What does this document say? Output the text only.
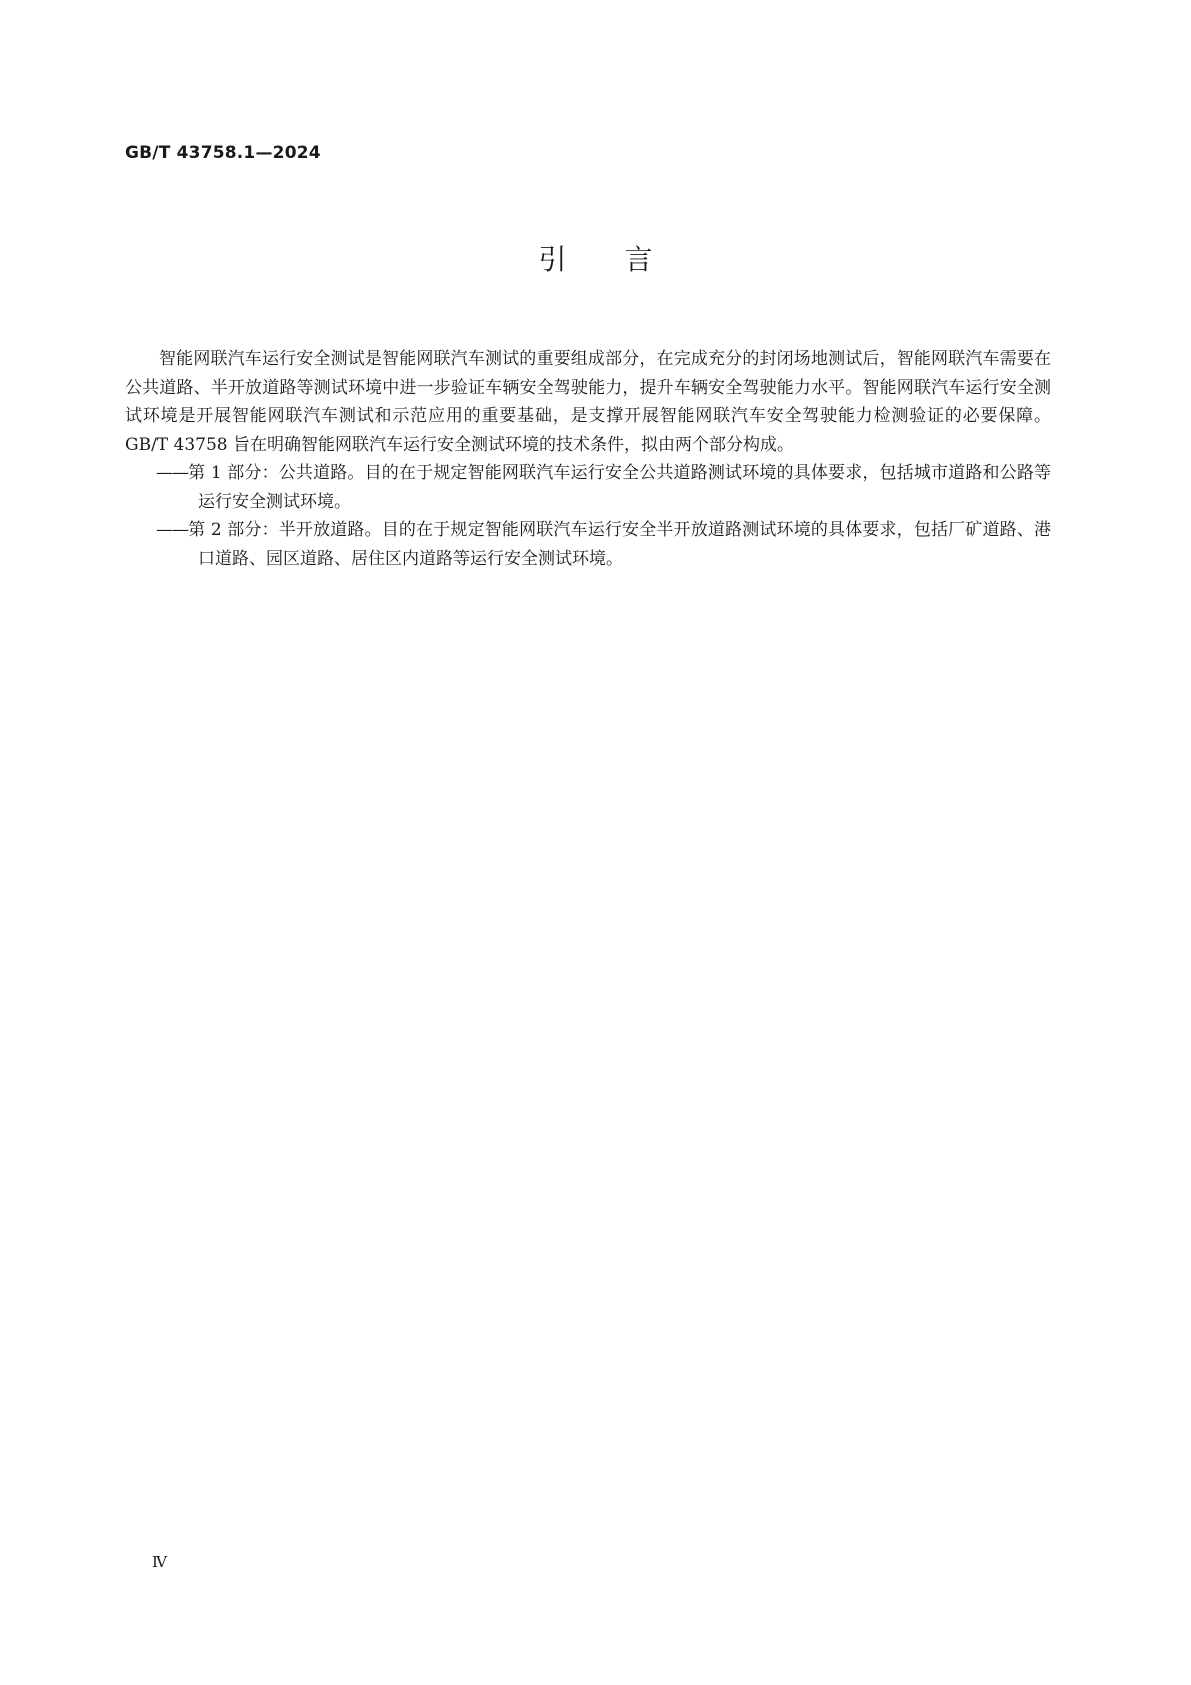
GB/T 43758.1—2024
引言

智能网联汽车运行安全测试是智能网联汽车测试的重要组成部分，在完成充分的封闭场地测试后，智能网联汽车需要在公共道路、半开放道路等测试环境中进一步验证车辆安全驾驶能力，提升车辆安全驾驶能力水平。智能网联汽车运行安全测试环境是开展智能网联汽车测试和示范应用的重要基础，是支撑开展智能网联汽车安全驾驶能力检测验证的必要保障。GB/T 43758 旨在明确智能网联汽车运行安全测试环境的技术条件，拟由两个部分构成。

——第 1 部分：公共道路。目的在于规定智能网联汽车运行安全公共道路测试环境的具体要求，包括城市道路和公路等运行安全测试环境。

——第 2 部分：半开放道路。目的在于规定智能网联汽车运行安全半开放道路测试环境的具体要求，包括厂矿道路、港口道路、园区道路、居住区内道路等运行安全测试环境。

Ⅳ
